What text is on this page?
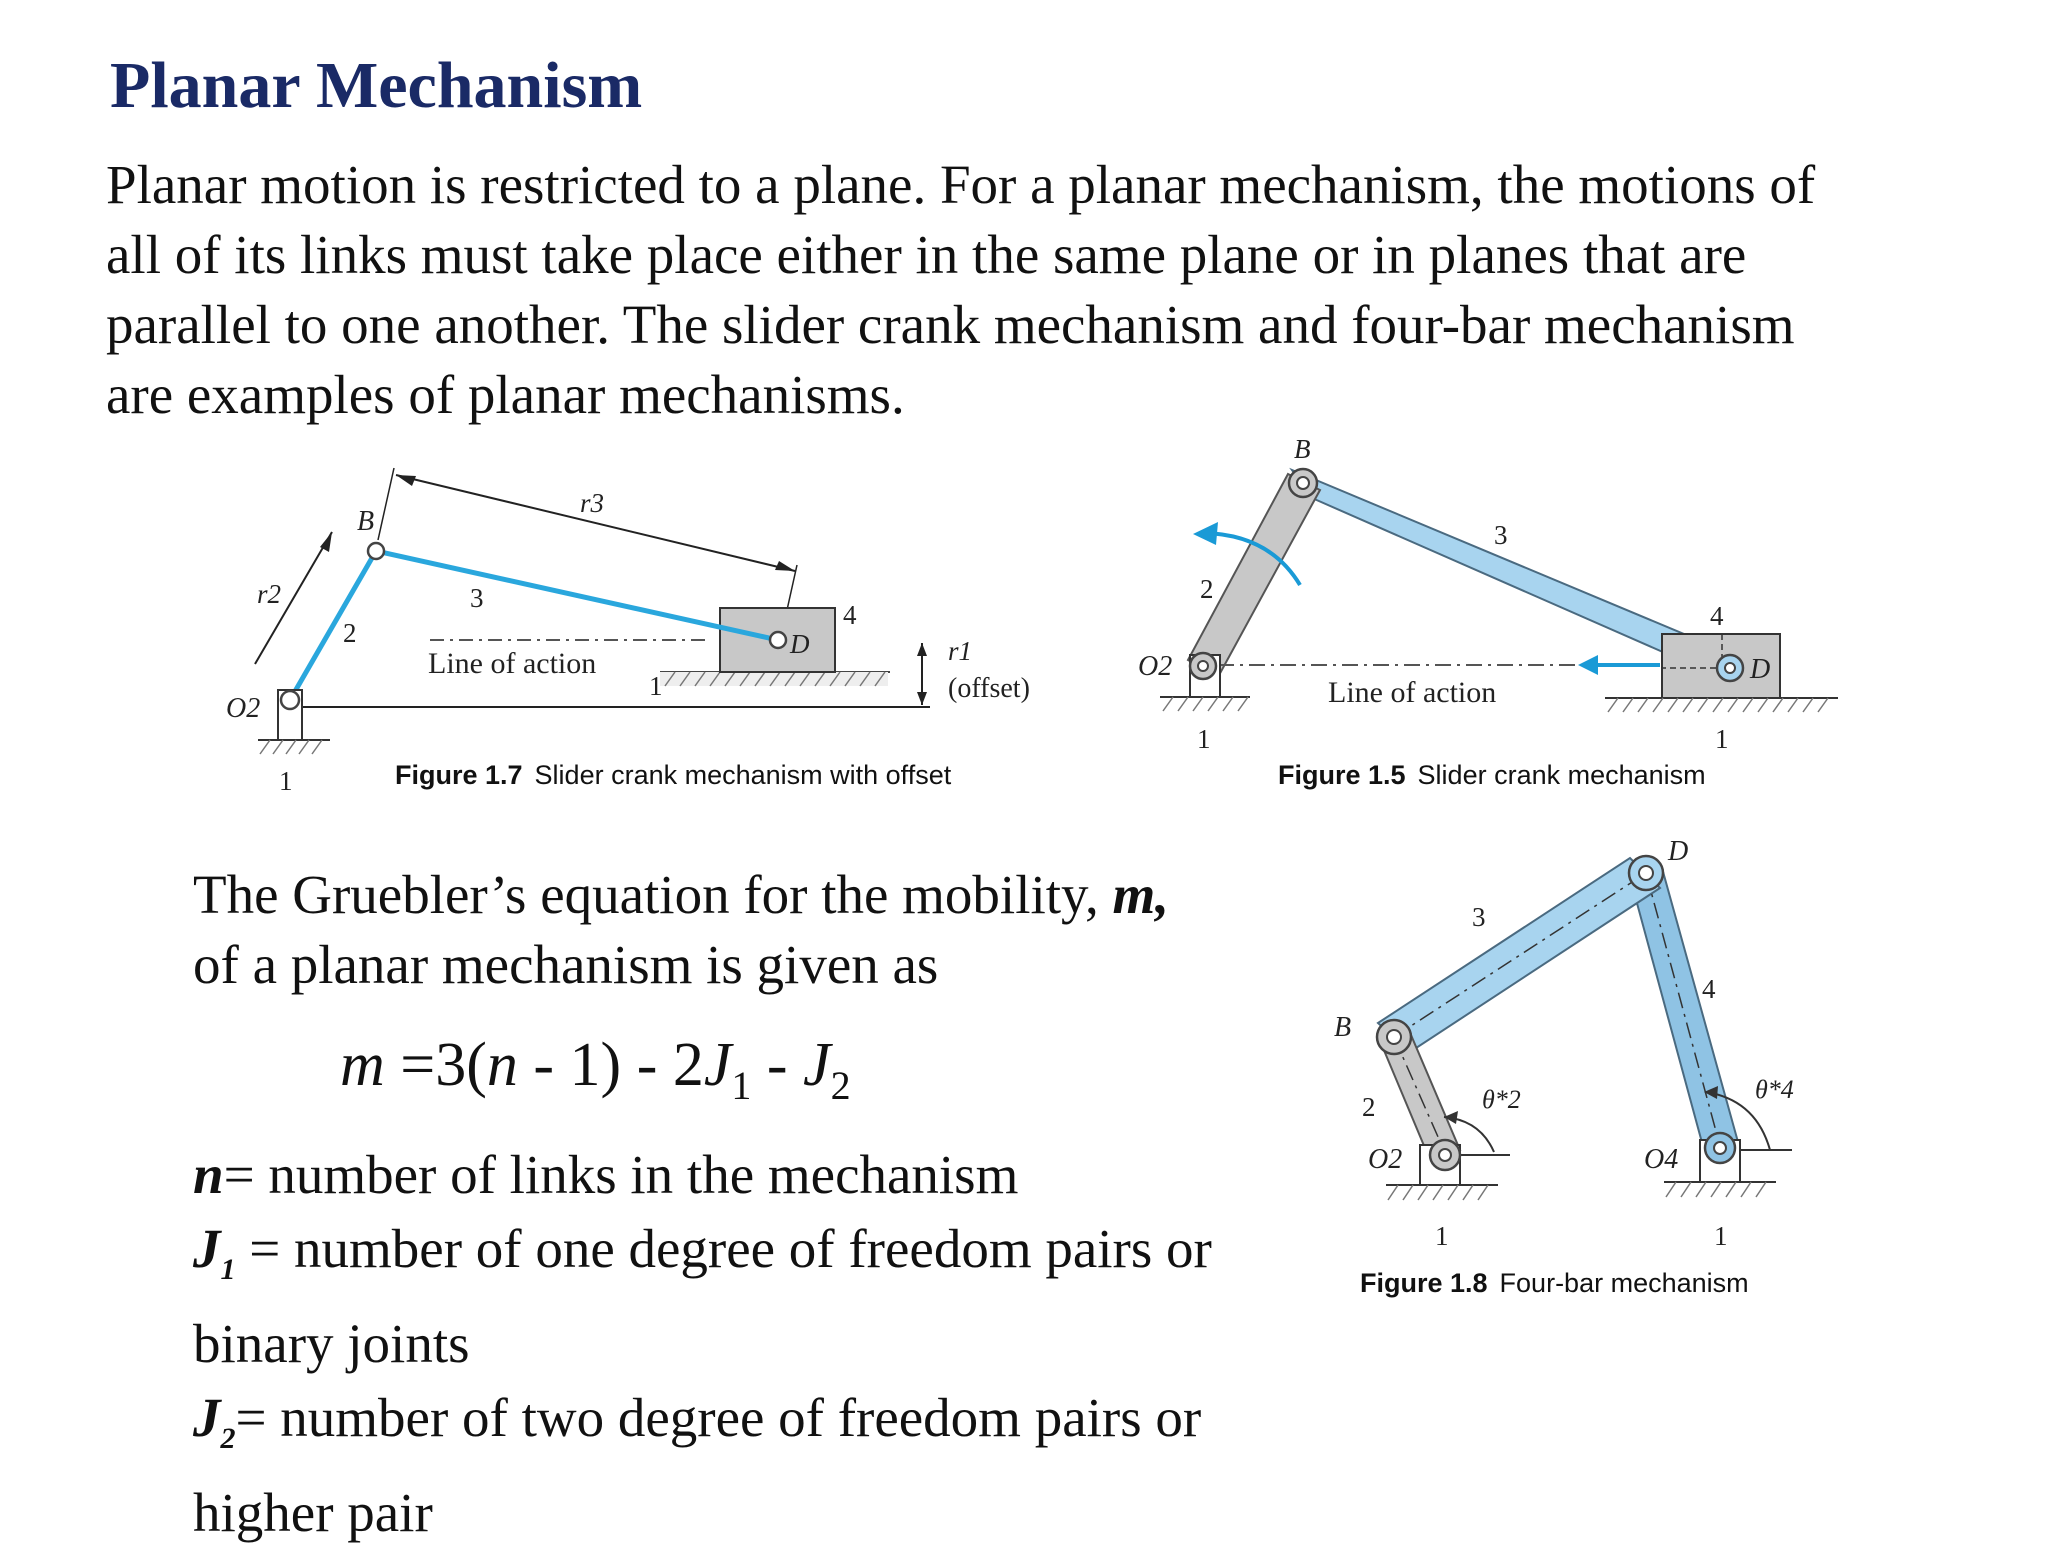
Planar Mechanism
Planar motion is restricted to a plane. For a planar mechanism, the motions of
all of its links must take place either in the same plane or in planes that are
parallel to one another. The slider crank mechanism and four-bar mechanism
are examples of planar mechanisms.
r3
r2
Line of action
1
4
D
B
3
2
O2
1
r1
(offset)
Figure 1.7 Slider crank mechanism with offset
B
3
2
Line of action
D
4
1
O2
1
Figure 1.5 Slider crank mechanism
D
3
4
B
2	θ*2	θ*4
O2
1
O4
1
Figure 1.8 Four-bar mechanism
The Gruebler’s equation for the mobility, m,
of a planar mechanism is given as
$m =3(n - 1) - 2J_1 - J_2$
n= number of links in the mechanism
$J_1$ = number of one degree of freedom pairs or
binary joints
$J_2=$ number of two degree of freedom pairs or
higher pair
